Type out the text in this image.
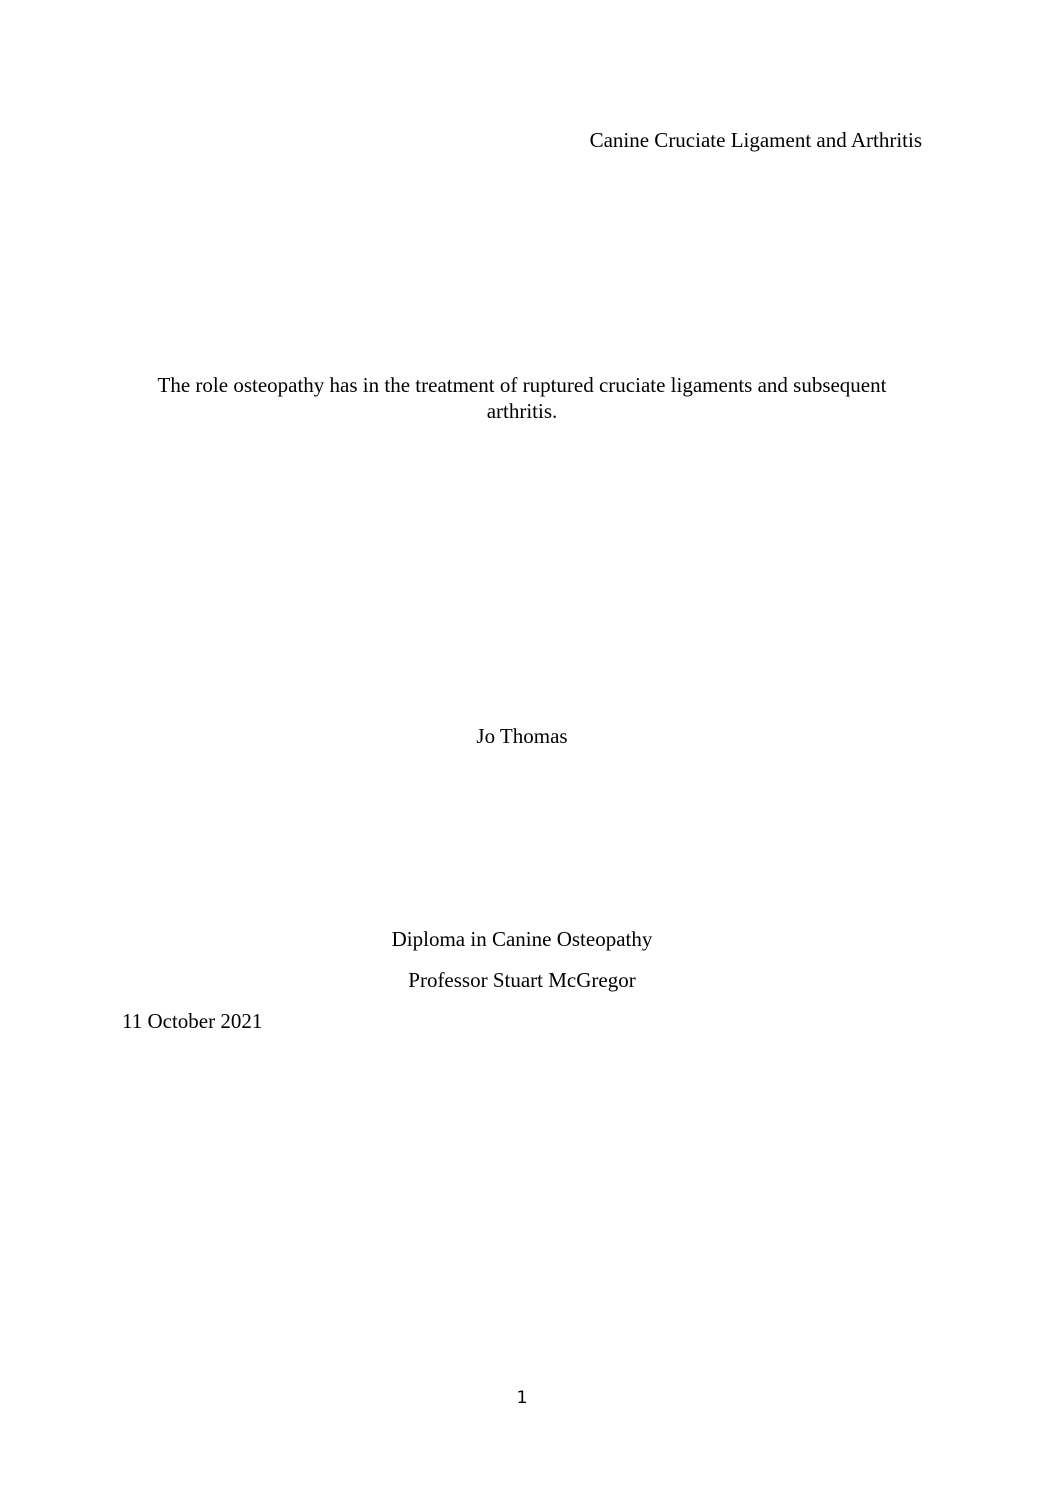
Canine Cruciate Ligament and Arthritis
The role osteopathy has in the treatment of ruptured cruciate ligaments and subsequent arthritis.
Jo Thomas
Diploma in Canine Osteopathy
Professor Stuart McGregor
11 October 2021
1
